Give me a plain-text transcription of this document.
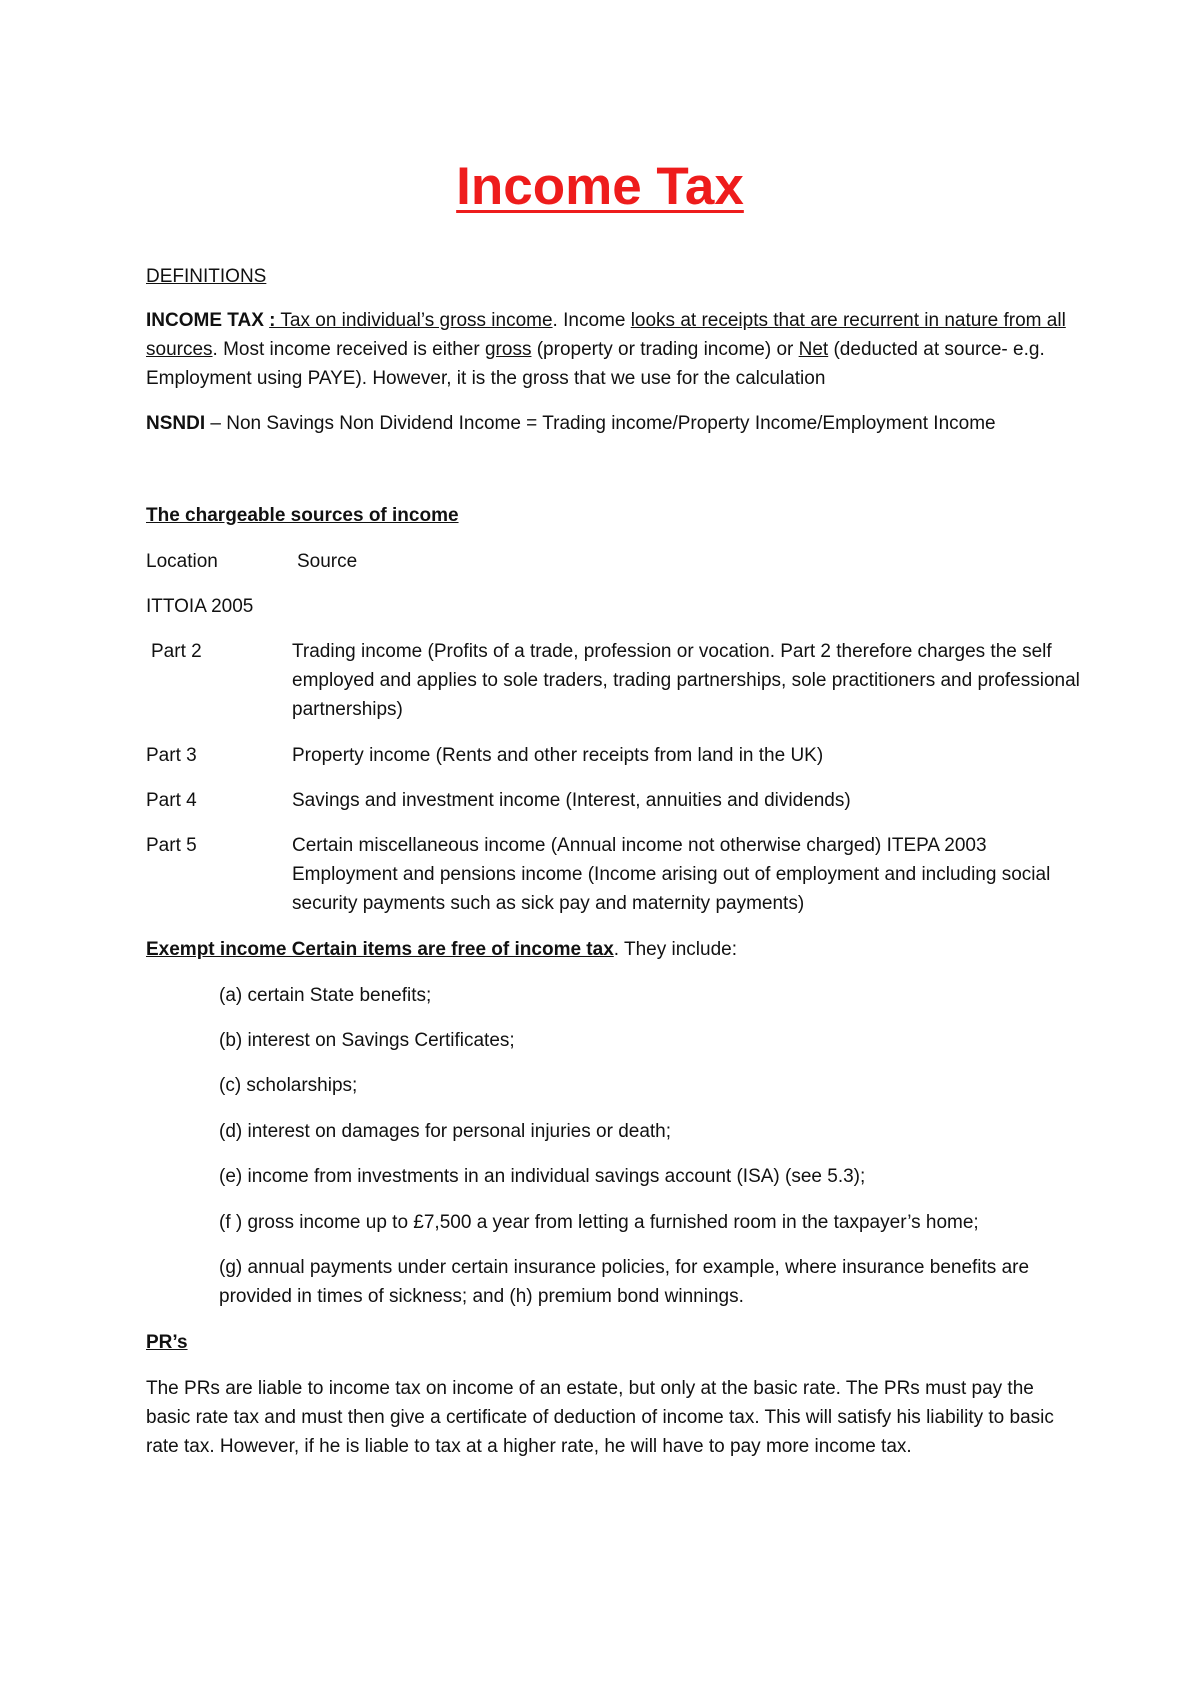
Income Tax
DEFINITIONS
INCOME TAX : Tax on individual’s gross income. Income looks at receipts that are recurrent in nature from all sources. Most income received is either gross (property or trading income) or Net (deducted at source- e.g. Employment using PAYE). However, it is the gross that we use for the calculation
NSNDI – Non Savings Non Dividend Income = Trading income/Property Income/Employment Income
The chargeable sources of income
Location	Source
ITTOIA 2005
Part 2	Trading income (Profits of a trade, profession or vocation. Part 2 therefore charges the self employed and applies to sole traders, trading partnerships, sole practitioners and professional partnerships)
Part 3	Property income (Rents and other receipts from land in the UK)
Part 4	Savings and investment income (Interest, annuities and dividends)
Part 5	Certain miscellaneous income (Annual income not otherwise charged) ITEPA 2003 Employment and pensions income (Income arising out of employment and including social security payments such as sick pay and maternity payments)
Exempt income Certain items are free of income tax. They include:
(a) certain State benefits;
(b) interest on Savings Certificates;
(c) scholarships;
(d) interest on damages for personal injuries or death;
(e) income from investments in an individual savings account (ISA) (see 5.3);
(f ) gross income up to £7,500 a year from letting a furnished room in the taxpayer’s home;
(g) annual payments under certain insurance policies, for example, where insurance benefits are provided in times of sickness; and (h) premium bond winnings.
PR’s
The PRs are liable to income tax on income of an estate, but only at the basic rate. The PRs must pay the basic rate tax and must then give a certificate of deduction of income tax. This will satisfy his liability to basic rate tax. However, if he is liable to tax at a higher rate, he will have to pay more income tax.
